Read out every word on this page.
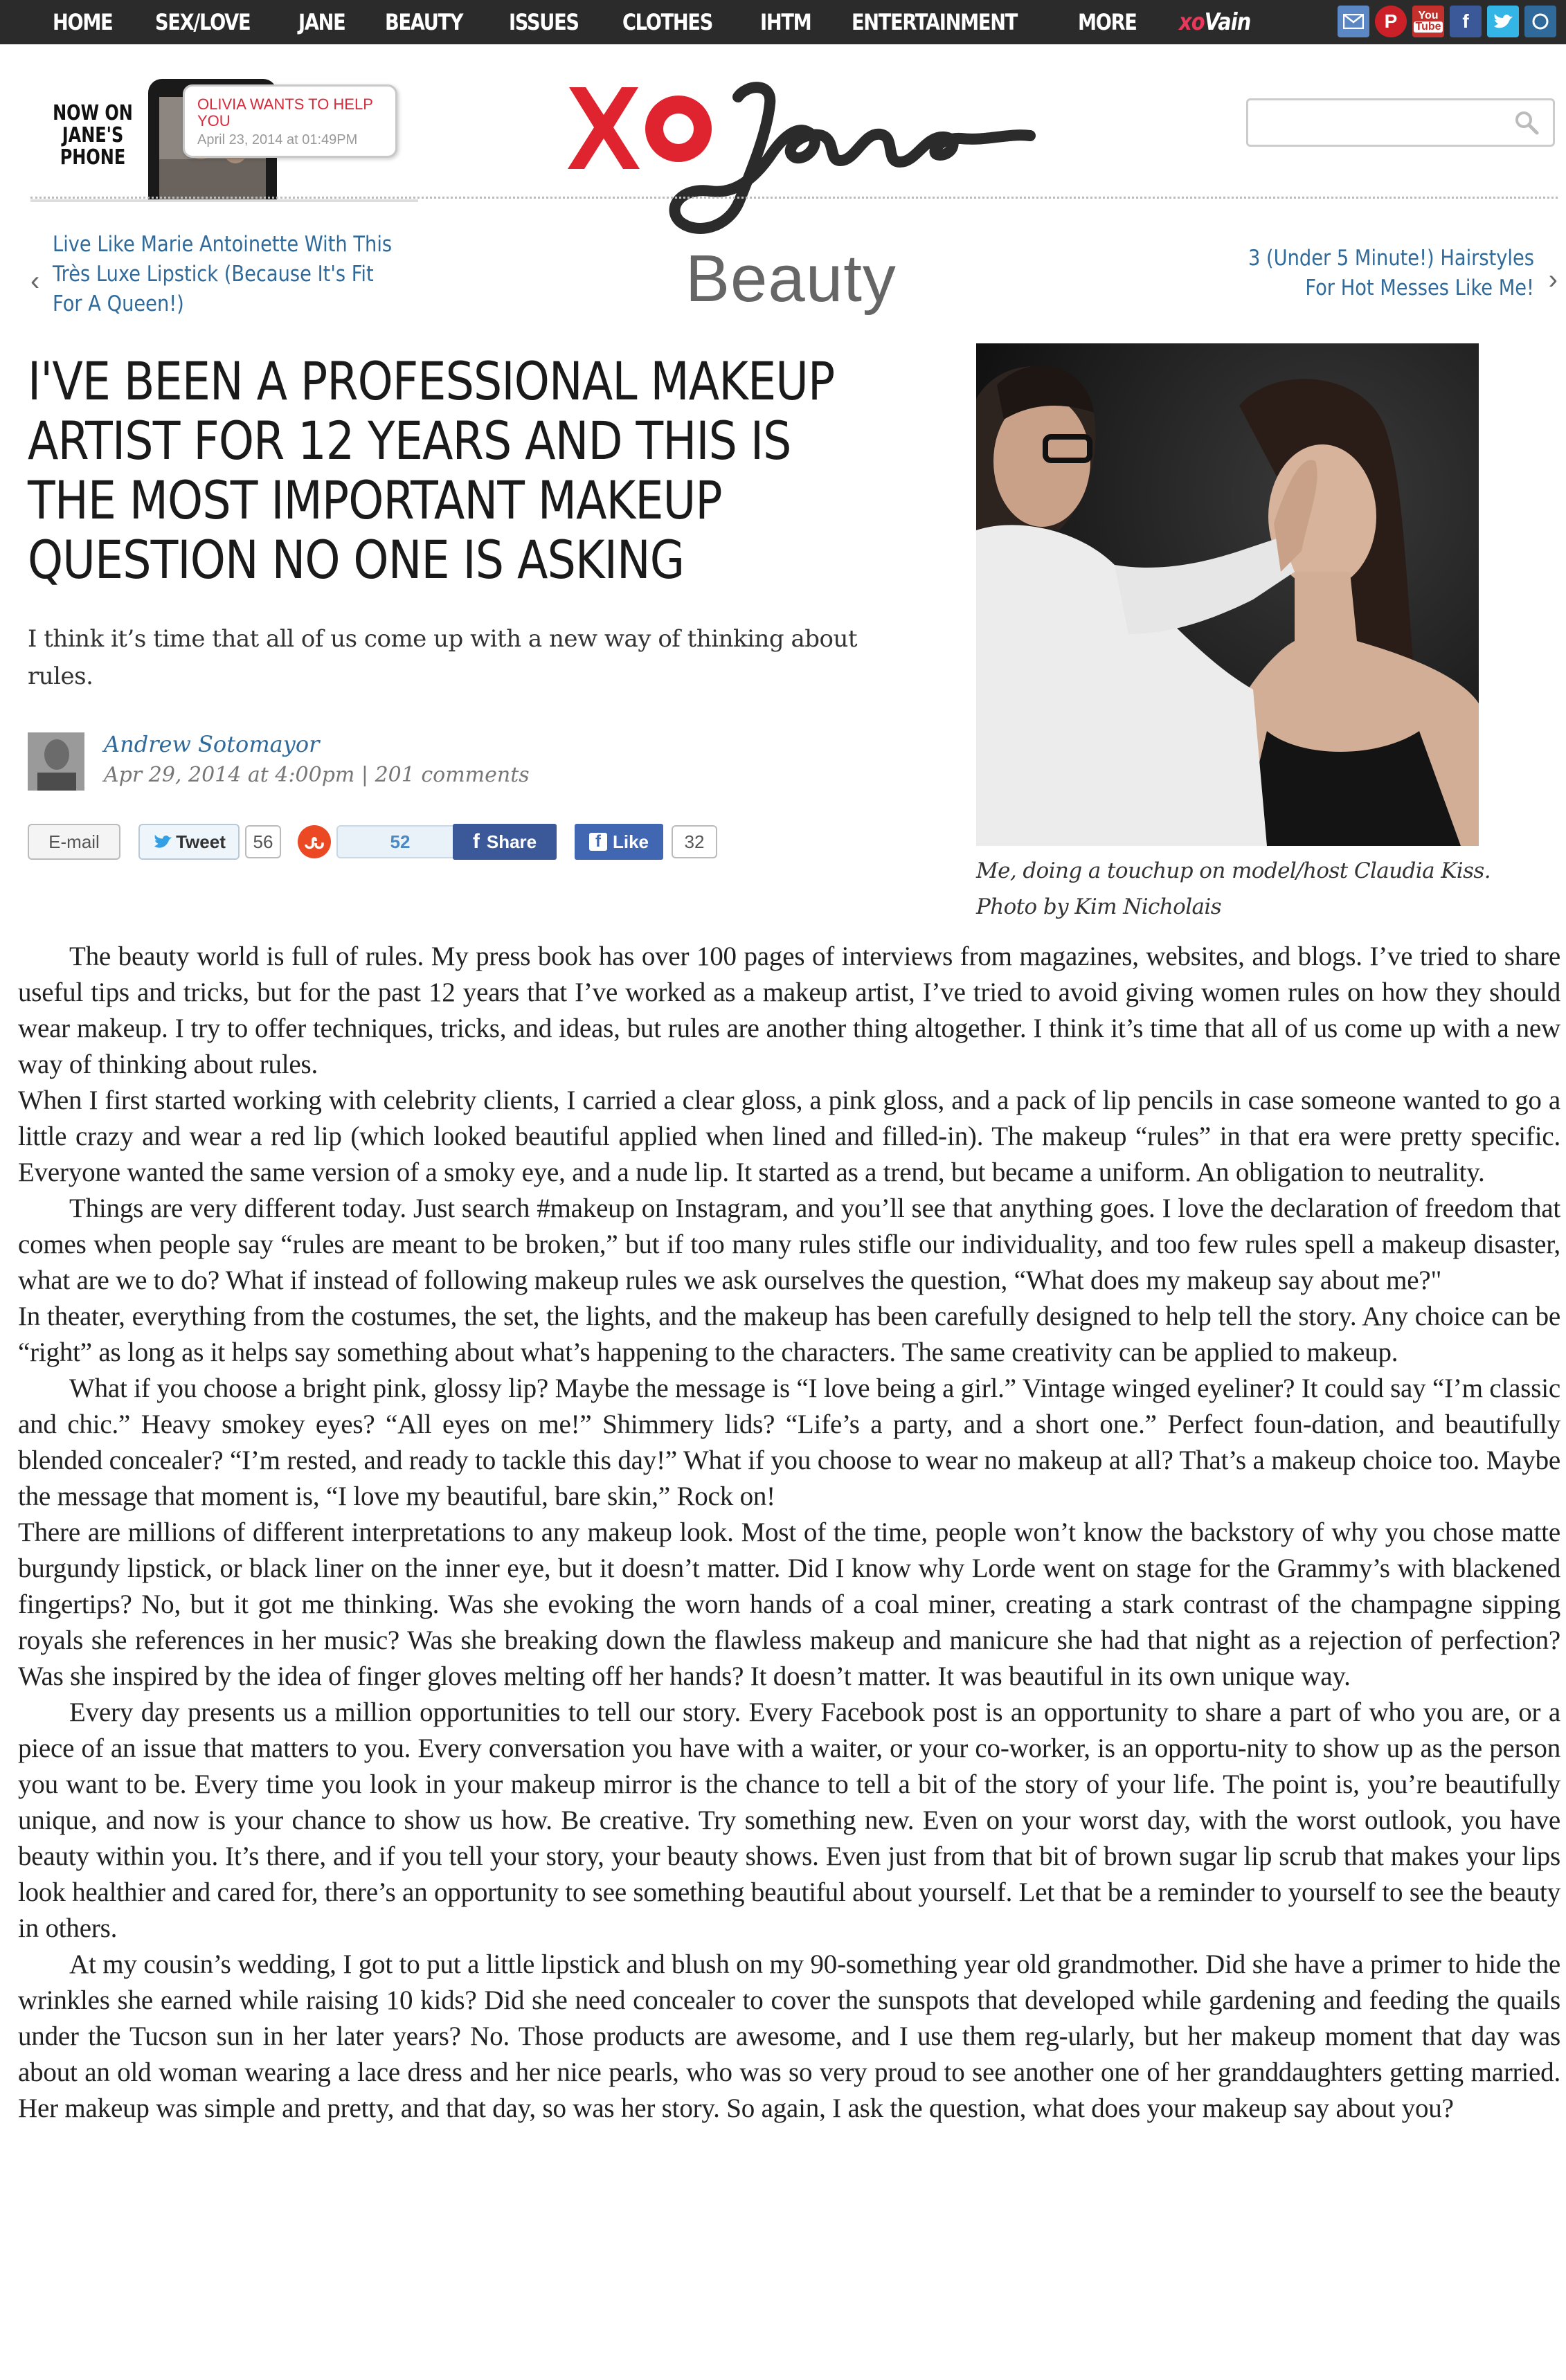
HOME SEX/LOVE JANE BEAUTY ISSUES CLOTHES IHTM ENTERTAINMENT	MORE xoVain	P	You
Tube	f
NOW ON JANE'S PHONE
OLIVIA WANTS TO HELP YOU
April 23, 2014 at 01:49PM
Beauty
‹
Live Like Marie Antoinette With This Très Luxe Lipstick (Because It's Fit For A Queen!)
3 (Under 5 Minute!) Hairstyles For Hot Messes Like Me! ›
I'VE BEEN A PROFESSIONAL MAKEUP ARTIST FOR 12 YEARS AND THIS IS THE MOST IMPORTANT MAKEUP QUESTION NO ONE IS ASKING
I think it’s time that all of us come up with a new way of thinking about rules.
Andrew Sotomayor
Apr 29, 2014 at 4:00pm | 201 comments
E-mail	Tweet	56	52	f Share	f Like	32
Me, doing a touchup on model/host Claudia Kiss. Photo by Kim Nicholais

The beauty world is full of rules. My press book has over 100 pages of interviews from magazines, websites, and blogs. I’ve tried to share useful tips and tricks, but for the past 12 years that I’ve worked as a makeup artist, I’ve tried to avoid giving women rules on how they should wear makeup. I try to offer techniques, tricks, and ideas, but rules are another thing altogether. I think it’s time that all of us come up with a new way of thinking about rules.

When I first started working with celebrity clients, I carried a clear gloss, a pink gloss, and a pack of lip pencils in case someone wanted to go a little crazy and wear a red lip (which looked beautiful applied when lined and filled-in). The makeup “rules” in that era were pretty specific. Everyone wanted the same version of a smoky eye, and a nude lip. It started as a trend, but became a uniform. An obligation to neutrality.

Things are very different today. Just search #makeup on Instagram, and you’ll see that anything goes. I love the declaration of freedom that comes when people say “rules are meant to be broken,” but if too many rules stifle our individuality, and too few rules spell a makeup disaster, what are we to do? What if instead of following makeup rules we ask ourselves the question, “What does my makeup say about me?"

In theater, everything from the costumes, the set, the lights, and the makeup has been carefully designed to help tell the story. Any choice can be “right” as long as it helps say something about what’s happening to the characters. The same creativity can be applied to makeup.

What if you choose a bright pink, glossy lip? Maybe the message is “I love being a girl.” Vintage winged eyeliner? It could say “I’m classic and chic.” Heavy smokey eyes? “All eyes on me!” Shimmery lids? “Life’s a party, and a short one.” Perfect foun-dation, and beautifully blended concealer? “I’m rested, and ready to tackle this day!” What if you choose to wear no makeup at all? That’s a makeup choice too. Maybe the message that moment is, “I love my beautiful, bare skin,” Rock on!

There are millions of different interpretations to any makeup look. Most of the time, people won’t know the backstory of why you chose matte burgundy lipstick, or black liner on the inner eye, but it doesn’t matter. Did I know why Lorde went on stage for the Grammy’s with blackened fingertips? No, but it got me thinking. Was she evoking the worn hands of a coal miner, creating a stark contrast of the champagne sipping royals she references in her music? Was she breaking down the flawless makeup and manicure she had that night as a rejection of perfection? Was she inspired by the idea of finger gloves melting off her hands? It doesn’t matter. It was beautiful in its own unique way.

Every day presents us a million opportunities to tell our story. Every Facebook post is an opportunity to share a part of who you are, or a piece of an issue that matters to you. Every conversation you have with a waiter, or your co-worker, is an opportu-nity to show up as the person you want to be. Every time you look in your makeup mirror is the chance to tell a bit of the story of your life. The point is, you’re beautifully unique, and now is your chance to show us how. Be creative. Try something new. Even on your worst day, with the worst outlook, you have beauty within you. It’s there, and if you tell your story, your beauty shows. Even just from that bit of brown sugar lip scrub that makes your lips look healthier and cared for, there’s an opportunity to see something beautiful about yourself. Let that be a reminder to yourself to see the beauty in others.

At my cousin’s wedding, I got to put a little lipstick and blush on my 90-something year old grandmother. Did she have a primer to hide the wrinkles she earned while raising 10 kids? Did she need concealer to cover the sunspots that developed while gardening and feeding the quails under the Tucson sun in her later years? No. Those products are awesome, and I use them reg-ularly, but her makeup moment that day was about an old woman wearing a lace dress and her nice pearls, who was so very proud to see another one of her granddaughters getting married. Her makeup was simple and pretty, and that day, so was her story. So again, I ask the question, what does your makeup say about you?
